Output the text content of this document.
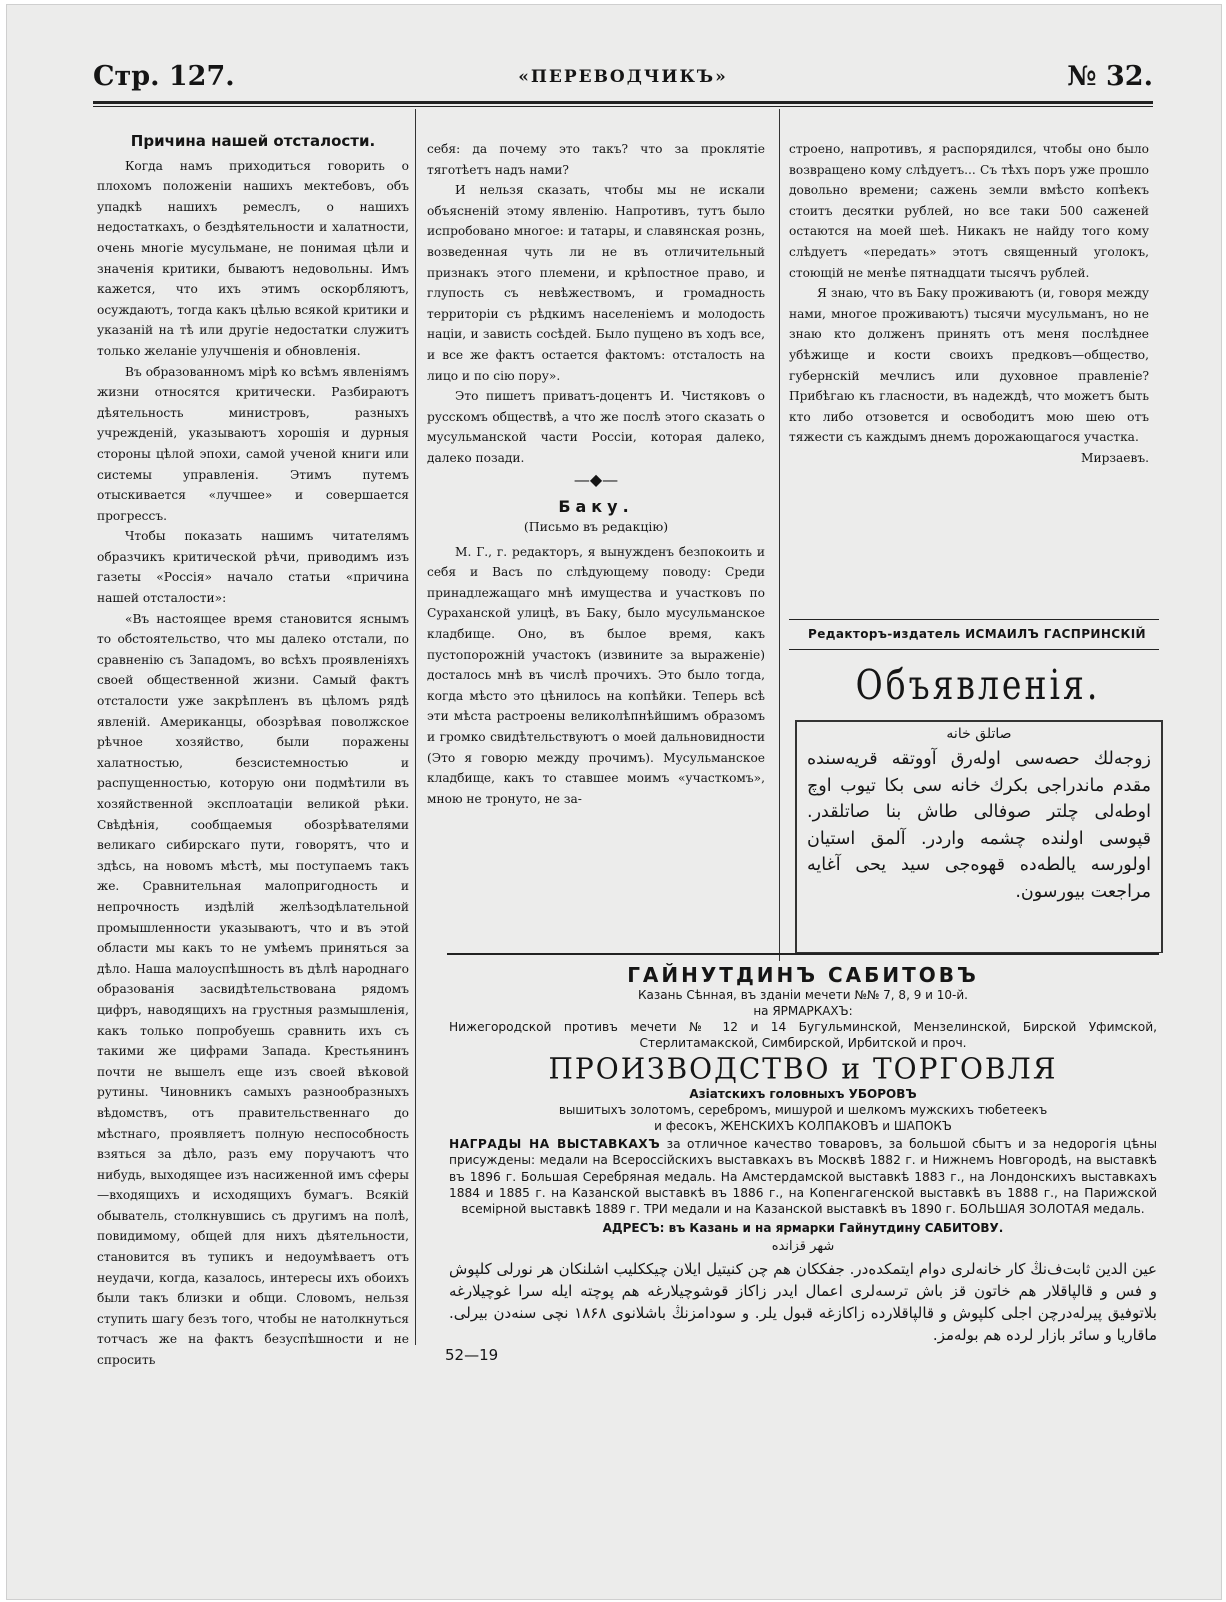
Стр. 127.	«ПЕРЕВОДЧИКЪ»	№ 32.
Причина нашей отсталости.

Когда намъ приходиться говорить о плохомъ положенiи нашихъ мектебовъ, объ упадкѣ нашихъ ремеслъ, о нашихъ недостаткахъ, о бездѣятельности и халатности, очень многiе мусульмане, не понимая цѣли и значенiя критики, бываютъ недовольны. Имъ кажется, что ихъ этимъ оскорбляютъ, осуждаютъ, тогда какъ цѣлью всякой критики и указанiй на тѣ или другiе недостатки служитъ только желанiе улучшенiя и обновленiя.

Въ образованномъ мiрѣ ко всѣмъ явленiямъ жизни относятся критически. Разбираютъ дѣятельность министровъ, разныхъ учрежденiй, указываютъ хорошiя и дурныя стороны цѣлой эпохи, самой ученой книги или системы управленiя. Этимъ путемъ отыскивается «лучшее» и совершается прогрессъ.

Чтобы показать нашимъ читателямъ образчикъ критической рѣчи, приводимъ изъ газеты «Россiя» начало статьи «причина нашей отсталости»:

«Въ настоящее время становится яснымъ то обстоятельство, что мы далеко отстали, по сравненiю съ Западомъ, во всѣхъ проявленiяхъ своей общественной жизни. Самый фактъ отсталости уже закрѣпленъ въ цѣломъ рядѣ явленiй. Американцы, обозрѣвая поволжское рѣчное хозяйство, были поражены халатностью, безсистемностью и распущенностью, которую они подмѣтили въ хозяйственной эксплоатацiи великой рѣки. Свѣдѣнiя, сообщаемыя обозрѣвателями великаго сибирскаго пути, говорятъ, что и здѣсь, на новомъ мѣстѣ, мы поступаемъ такъ же. Сравнительная малопригодность и непрочность издѣлiй желѣзодѣлательной промышленности указываютъ, что и въ этой области мы какъ то не умѣемъ приняться за дѣло. Наша малоуспѣшность въ дѣлѣ народнаго образованiя засвидѣтельствована рядомъ цифръ, наводящихъ на грустныя размышленiя, какъ только попробуешь сравнить ихъ съ такими же цифрами Запада. Крестьянинъ почти не вышелъ еще изъ своей вѣковой рутины. Чиновникъ самыхъ разнообразныхъ вѣдомствъ, отъ правительственнаго до мѣстнаго, проявляетъ полную неспособность взяться за дѣло, разъ ему поручаютъ что нибудь, выходящее изъ насиженной имъ сферы—входящихъ и исходящихъ бумагъ. Всякiй обыватель, столкнувшись съ другимъ на полѣ, повидимому, общей для нихъ дѣятельности, становится въ тупикъ и недоумѣваетъ отъ неудачи, когда, казалось, интересы ихъ обоихъ были такъ близки и общи. Словомъ, нельзя ступить шагу безъ того, чтобы не натолкнуться тотчасъ же на фактъ безуспѣшности и не спросить

себя: да почему это такъ? что за проклятiе тяготѣетъ надъ нами?

И нельзя сказать, чтобы мы не искали объясненiй этому явленiю. Напротивъ, тутъ было испробовано многое: и татары, и славянская рознь, возведенная чуть ли не въ отличительный признакъ этого племени, и крѣпостное право, и глупость съ невѣжествомъ, и громадность территорiи съ рѣдкимъ населенiемъ и молодость нацiи, и зависть сосѣдей. Было пущено въ ходъ все, и все же фактъ остается фактомъ: отсталость на лицо и по сiю пору».

Это пишетъ приватъ-доцентъ И. Чистяковъ о русскомъ обществѣ, а что же послѣ этого сказать о мусульманской части Россiи, которая далеко, далеко позади.

—◆—
Баку.
(Письмо въ редакцiю)

М. Г., г. редакторъ, я вынужденъ безпокоить и себя и Васъ по слѣдующему поводу: Среди принадлежащаго мнѣ имущества и участковъ по Сураханской улицѣ, въ Баку, было мусульманское кладбище. Оно, въ былое время, какъ пустопорожнiй участокъ (извините за выраженiе) досталось мнѣ въ числѣ прочихъ. Это было тогда, когда мѣсто это цѣнилось на копѣйки. Теперь всѣ эти мѣста растроены великолѣпнѣйшимъ образомъ и громко свидѣтельствуютъ о моей дальновидности (Это я говорю между прочимъ). Мусульманское кладбище, какъ то ставшее моимъ «участкомъ», мною не тронуто, не за-

строено, напротивъ, я распорядился, чтобы оно было возвращено кому слѣдуетъ... Съ тѣхъ поръ уже прошло довольно времени; сажень земли вмѣсто копѣекъ стоитъ десятки рублей, но все таки 500 саженей остаются на моей шеѣ. Никакъ не найду того кому слѣдуетъ «передать» этотъ священный уголокъ, стоющiй не менѣе пятнадцати тысячъ рублей.

Я знаю, что въ Баку проживаютъ (и, говоря между нами, многое проживаютъ) тысячи мусульманъ, но не знаю кто долженъ принять отъ меня послѣднее убѣжище и кости своихъ предковъ—общество, губернскiй мечлисъ или духовное правленiе? Прибѣгаю къ гласности, въ надеждѣ, что можетъ быть кто либо отзовется и освободитъ мою шею отъ тяжести съ каждымъ днемъ дорожающагося участка.

Мирзаевъ.

Редакторъ-издатель ИСМАИЛЪ ГАСПРИНСКIЙ
Объявленiя.
صاتلق خانه
زوجەلك حصەسی اولەرق آووتقه قريەسندە مقدم ماندراجی بكرك خانه سی بكا تيوب اوچ اوطەلی چلتر صوفالی طاش بنا صاتلقدر. قپوسی اولندە چشمە واردر. آلمق استيان اولورسە يالطەدە قهوەجی سيد يحی آغايە مراجعت بيورسون.
ГАЙНУТДИНЪ САБИТОВЪ
Казань Сѣнная, въ зданiи мечети №№ 7, 8, 9 и 10-й.
на ЯРМАРКАХЪ:
Нижегородской противъ мечети № 12 и 14 Бугульминской, Мензелинской, Бирской Уфимской, Стерлитамакской, Симбирской, Ирбитской и проч.
ПРОИЗВОДСТВО и ТОРГОВЛЯ
Азiатскихъ головныхъ УБОРОВЪ
вышитыхъ золотомъ, серебромъ, мишурой и шелкомъ мужскихъ тюбетеекъ
и фесокъ, ЖЕНСКИХЪ КОЛПАКОВЪ и ШАПОКЪ
НАГРАДЫ НА ВЫСТАВКАХЪ за отличное качество товаровъ, за большой сбытъ и за недорогiя цѣны присуждены: медали на Всероссiйскихъ выставкахъ въ Москвѣ 1882 г. и Нижнемъ Новгородѣ, на выставкѣ въ 1896 г. Большая Серебряная медаль. На Амстердамской выставкѣ 1883 г., на Лондонскихъ выставкахъ 1884 и 1885 г. на Казанской выставкѣ въ 1886 г., на Копенгагенской выставкѣ въ 1888 г., на Парижской всемiрной выставкѣ 1889 г. ТРИ медали и на Казанской выставкѣ въ 1890 г. БОЛЬШАЯ ЗОЛОТАЯ медаль.
АДРЕСЪ: въ Казань и на ярмарки Гайнутдину САБИТОВУ.
شهر قزانده
عين الدين ثابت‌ف‌نڭ كار خانەلری دوام ايتمكدەدر. جفككان هم چن كنيتيل ايلان چيككليب اشلنكان هر نورلی كلپوش و فس و قالپاقلار هم خاتون قز باش ترسەلری اعمال ايدر زاكاز قوشوچيلارغە هم پوچتە ايلە سرا غوچيلارغە بلاتوفيق پيرلەدرچن اجلی كلپوش و قالپاقلاردە زاكازغە قبول يلر. و سودامزنڭ باشلانوی ۱۸۶۸ نچی سنەدن بيرلی. ماقاريا و سائر بازار لردە هم بولەمز.
52—19
